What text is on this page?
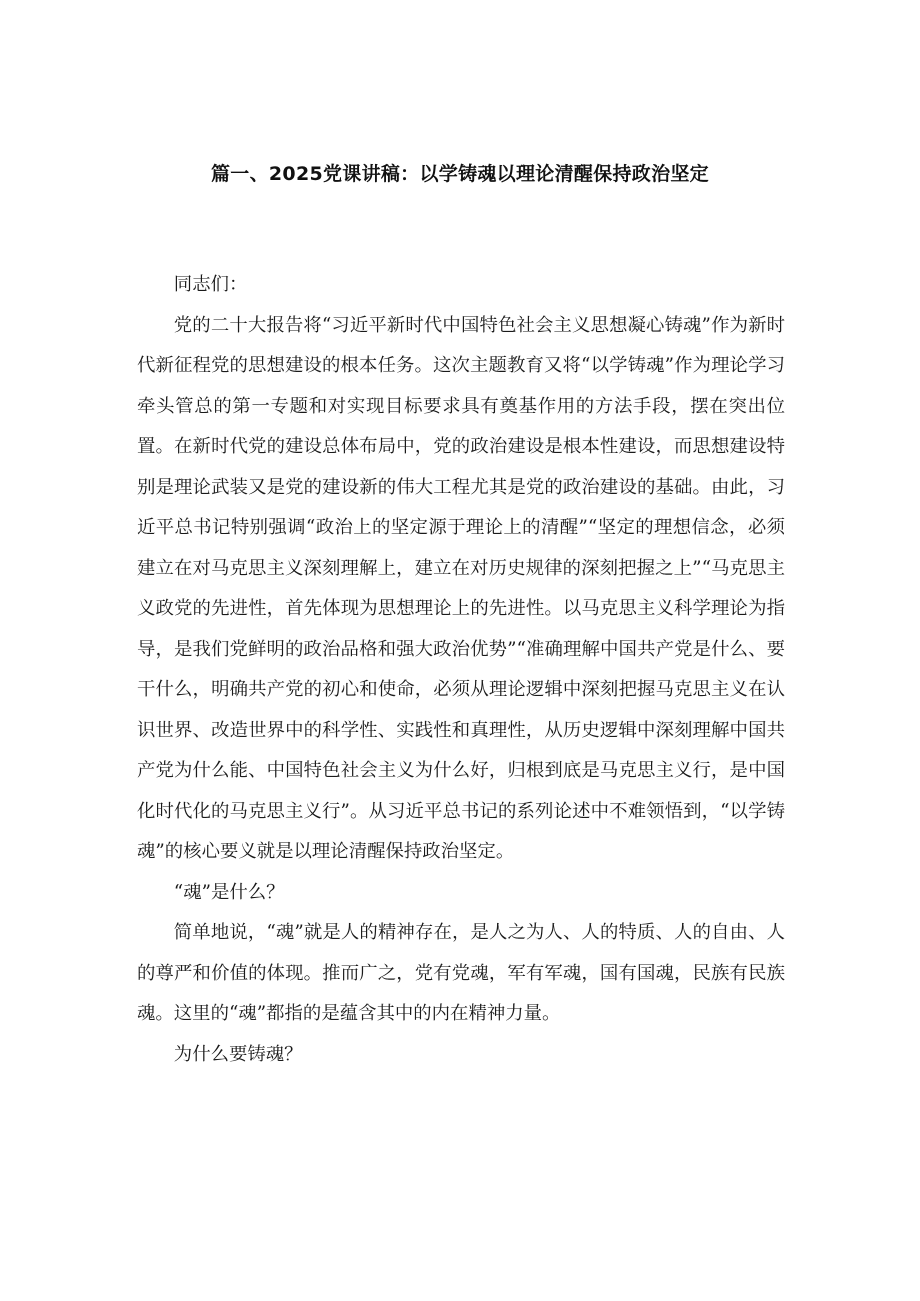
篇一、2025党课讲稿：以学铸魂以理论清醒保持政治坚定

同志们：

党的二十大报告将“习近平新时代中国特色社会主义思想凝心铸魂”作为新时代新征程党的思想建设的根本任务。这次主题教育又将“以学铸魂”作为理论学习牵头管总的第一专题和对实现目标要求具有奠基作用的方法手段，摆在突出位置。在新时代党的建设总体布局中，党的政治建设是根本性建设，而思想建设特别是理论武装又是党的建设新的伟大工程尤其是党的政治建设的基础。由此，习近平总书记特别强调“政治上的坚定源于理论上的清醒”“坚定的理想信念，必须建立在对马克思主义深刻理解上，建立在对历史规律的深刻把握之上”“马克思主义政党的先进性，首先体现为思想理论上的先进性。以马克思主义科学理论为指导，是我们党鲜明的政治品格和强大政治优势”“准确理解中国共产党是什么、要干什么，明确共产党的初心和使命，必须从理论逻辑中深刻把握马克思主义在认识世界、改造世界中的科学性、实践性和真理性，从历史逻辑中深刻理解中国共产党为什么能、中国特色社会主义为什么好，归根到底是马克思主义行，是中国化时代化的马克思主义行”。从习近平总书记的系列论述中不难领悟到，“以学铸魂”的核心要义就是以理论清醒保持政治坚定。

“魂”是什么？

简单地说，“魂”就是人的精神存在，是人之为人、人的特质、人的自由、人的尊严和价值的体现。推而广之，党有党魂，军有军魂，国有国魂，民族有民族魂。这里的“魂”都指的是蕴含其中的内在精神力量。

为什么要铸魂？
